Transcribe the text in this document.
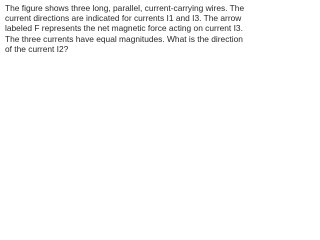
The figure shows three long, parallel, current-carrying wires. The
current directions are indicated for currents I1 and I3. The arrow
labeled F represents the net magnetic force acting on current I3.
The three currents have equal magnitudes. What is the direction
of the current I2?
